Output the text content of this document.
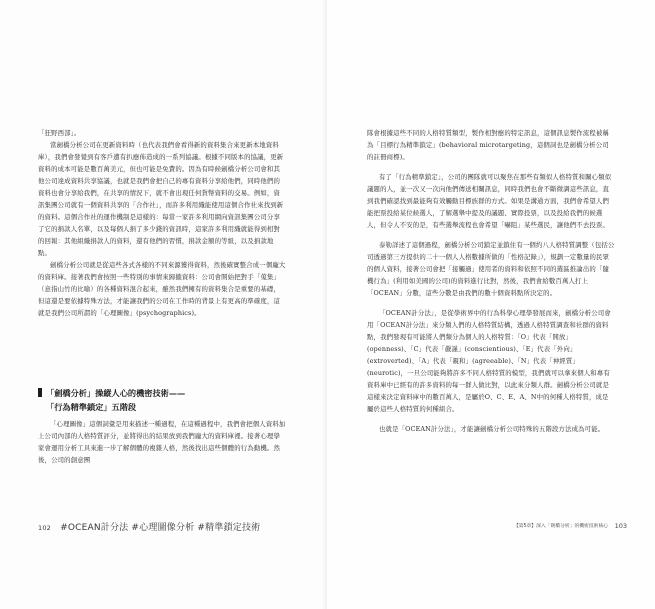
「狂野西部」。

當劍橋分析公司在更新資料時（也代表我們會看得新的資料集合來更新本地資料庫），我們會發覺到有客戶遭有扒應佈造成的一系列協議。根據不同版本的協議，更新資料的成本可能是數百萬美元，但也可能是免費的。因為有時候劍橋分析公司會和其他公司達成資料共享協議，也就是我們會把自己的專有資料分享給他們，同時他們的資料也會分享給我們，在共享的情況下，就不會出現任何貨幣資料的交易。例如，資訊集團公司就有一個資料共享的「合作社」，而許多利用織能使用這個合作社來找到新的資料。這個合作社的運作機制是這樣的：每當一家許多利用網向資訊集團公司分享了它的捐款人名單，以及每個人捐了多少錢的資訊時，這家許多利用織就能得到相對的回報：其他組織捐款人的資料，還有他們的習慣，捐款金額的等級，以及捐款地點。

劍橋分析公司就是從這些各式各樣的不同來源獲得資料，然後確實整合成一個龐大的資料庫。接著我們會按照一些特別的事情來歸攏資料：公司會開始把對手「蒐集」（意指山竹的比喻）的各種資料混合起來，雖然我們擁有的資料集合是重要的基礎，但這還是要依據特殊方法，才能讓我們的公司在工作時的背景上有更高的準確度，這就是我們公司所謂的「心理圖像」(psychographics)。

「劍橋分析」操縱人心的機密技術——
「行為精準鎖定」五階段

「心理圖像」這個詞彙是用來描述一種過程，在這種過程中，我們會把個人資料加上公司內部的人格特質評分，並將得出的結果放到我們龐大的資料庫裡。接著心理學家會運用分析工具來進一步了解個體的複雜人格，然後找出這些個體的行為動機。然後，公司的創意團

102 #OCEAN計分法 #心理圖像分析 #精準鎖定技術

隊會根據這些不同的人格特質類型，製作相對應的特定訊息，這個訊息製作流程被稱為「目標行為精準鎖定」(behavioral microtargeting，這個詞也是劍橋分析公司的註冊商標)。

有了「行為精準鎖定」，公司的團隊就可以聚焦在那些有類似人格特質和關心類似議題的人，並一次又一次向他們傳送相關訊息，同時我們也會不斷微調這些訊息，直到我們確認找到最能夠有效觸動目標族群的方式。如果是溝通方面，我們會希望人們能把票投給某位候選人，了解選舉中提及的議題、實際投票，以及投給我們的候選人，但令人不安的是，有些選舉流程也會希望「嚇阻」某些選民，讓他們不去投票。

泰勒詳述了這個過程，劍橋分析公司鎖定並鎖住有一個約八人格特質調整（包括公司透過第三方提供的二十一個人人格數據所做的「性格記錄」），規劃一定數量的民眾的個人資料，接著公司會把「接觸過」使用者的資料和依照不同的選區推論出的「隨機行為」(利用如美國的公司)的資料進行比對，然後，我們會給數百萬人打上「OCEAN」分數，這些分數是由我們的數十個資料點所決定的。

「OCEAN計分法」，是從學術界中的行為科學心理學發展而來，劍橋分析公司會用「OCEAN計分法」來分類人們的人格特質結構，透過人格特質調查和社群的資料點，我們發現有可能將人們類分為個人的人格特質：「O」代表「開放」(openness)、「C」代表「嚴謹」(conscientious)、「E」代表「外向」(extroverted)、「A」代表「親和」(agreeable)、「N」代表「神經質」(neurotic)，一旦公司能夠將許多不同人格特質的模型，我們就可以拿來個人和專有資料庫中已經有的許多資料的每一群人做比對，以此來分類人群。劍橋分析公司就是這樣來決定資料庫中的數百萬人，是屬於O、C、E、A、N中的何種人格特質，成是屬於這些人格特質的何種組合。

也就是「OCEAN計分法」，才能讓劍橋分析公司特殊的五階段方法成為可能。

【第5章】深入「劍橋分析」的機密技術核心 103
